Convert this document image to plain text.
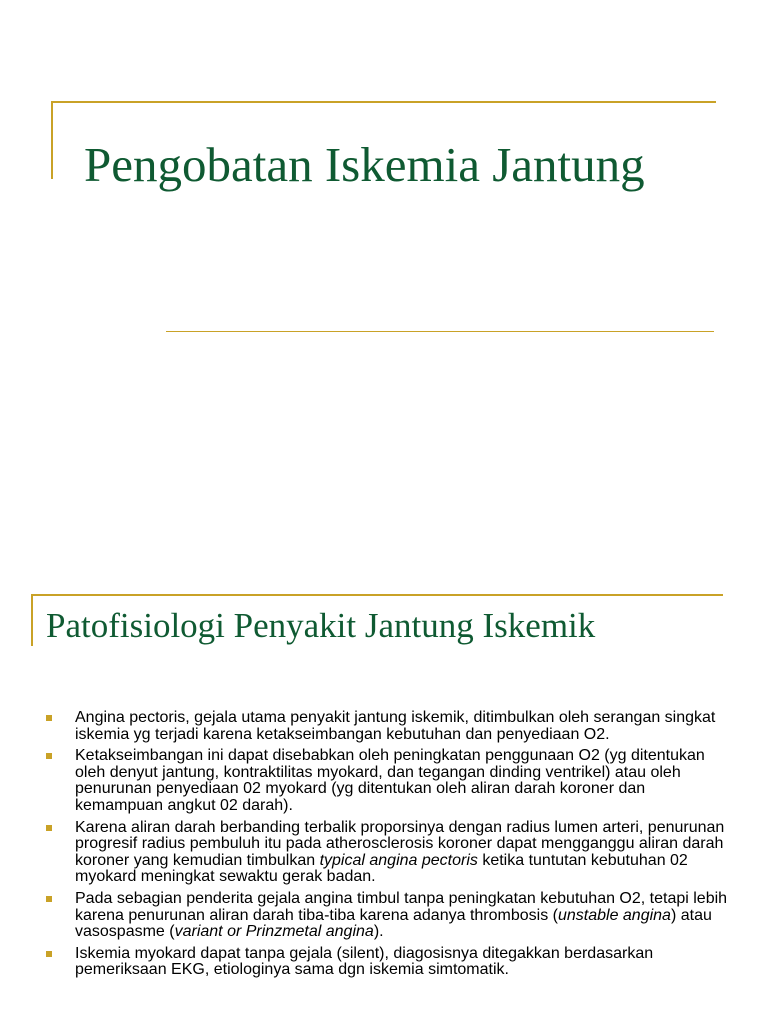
Pengobatan Iskemia Jantung
Patofisiologi Penyakit Jantung Iskemik
Angina pectoris, gejala utama penyakit jantung iskemik, ditimbulkan oleh serangan singkat iskemia yg terjadi karena ketakseimbangan kebutuhan dan penyediaan O2.
Ketakseimbangan ini dapat disebabkan oleh peningkatan penggunaan O2 (yg ditentukan oleh denyut jantung, kontraktilitas myokard, dan tegangan dinding ventrikel) atau oleh penurunan penyediaan 02 myokard (yg ditentukan oleh aliran darah koroner dan kemampuan angkut 02 darah).
Karena aliran darah berbanding terbalik proporsinya dengan radius lumen arteri, penurunan progresif radius pembuluh itu pada atherosclerosis koroner dapat mengganggu aliran darah koroner yang kemudian timbulkan typical angina pectoris ketika tuntutan kebutuhan 02 myokard meningkat sewaktu gerak badan.
Pada sebagian penderita gejala angina timbul tanpa peningkatan kebutuhan O2, tetapi lebih karena penurunan aliran darah tiba-tiba karena adanya thrombosis (unstable angina) atau vasospasme (variant or Prinzmetal angina).
Iskemia myokard dapat tanpa gejala (silent), diagosisnya ditegakkan berdasarkan pemeriksaan EKG, etiologinya sama dgn iskemia simtomatik.
